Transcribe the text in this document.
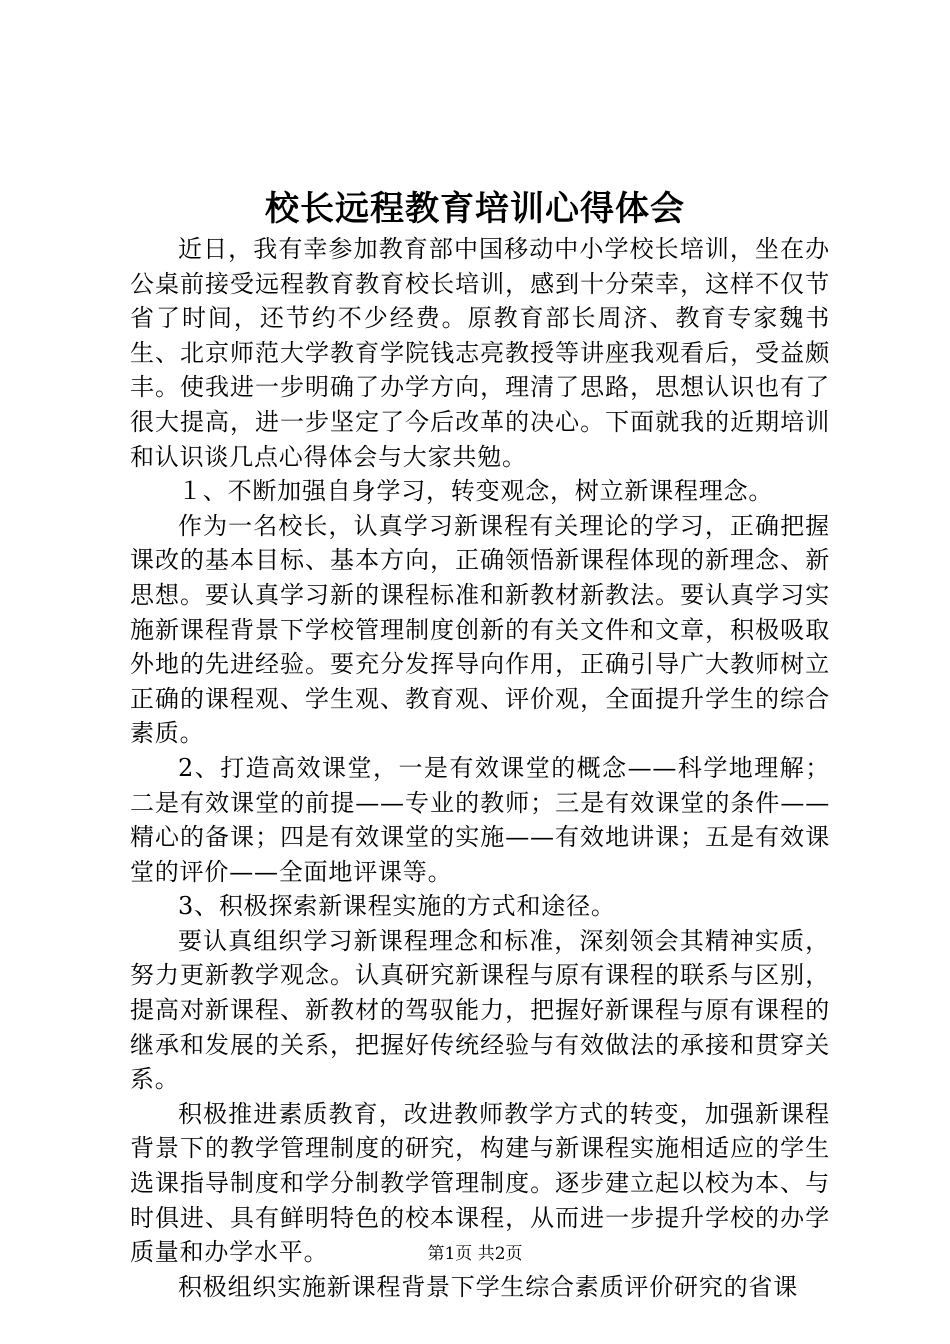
校长远程教育培训心得体会

近日，我有幸参加教育部中国移动中小学校长培训，坐在办公桌前接受远程教育教育校长培训，感到十分荣幸，这样不仅节省了时间，还节约不少经费。原教育部长周济、教育专家魏书生、北京师范大学教育学院钱志亮教授等讲座我观看后，受益颇丰。使我进一步明确了办学方向，理清了思路，思想认识也有了很大提高，进一步坚定了今后改革的决心。下面就我的近期培训和认识谈几点心得体会与大家共勉。

１、不断加强自身学习，转变观念，树立新课程理念。

作为一名校长，认真学习新课程有关理论的学习，正确把握课改的基本目标、基本方向，正确领悟新课程体现的新理念、新思想。要认真学习新的课程标准和新教材新教法。要认真学习实施新课程背景下学校管理制度创新的有关文件和文章，积极吸取外地的先进经验。要充分发挥导向作用，正确引导广大教师树立正确的课程观、学生观、教育观、评价观，全面提升学生的综合素质。

2、打造高效课堂，一是有效课堂的概念——科学地理解；二是有效课堂的前提——专业的教师；三是有效课堂的条件——精心的备课；四是有效课堂的实施——有效地讲课；五是有效课堂的评价——全面地评课等。

3、积极探索新课程实施的方式和途径。

要认真组织学习新课程理念和标准，深刻领会其精神实质，努力更新教学观念。认真研究新课程与原有课程的联系与区别，提高对新课程、新教材的驾驭能力，把握好新课程与原有课程的继承和发展的关系，把握好传统经验与有效做法的承接和贯穿关系。

积极推进素质教育，改进教师教学方式的转变，加强新课程背景下的教学管理制度的研究，构建与新课程实施相适应的学生选课指导制度和学分制教学管理制度。逐步建立起以校为本、与时俱进、具有鲜明特色的校本课程，从而进一步提升学校的办学质量和办学水平。

积极组织实施新课程背景下学生综合素质评价研究的省课

第1页 共2页
